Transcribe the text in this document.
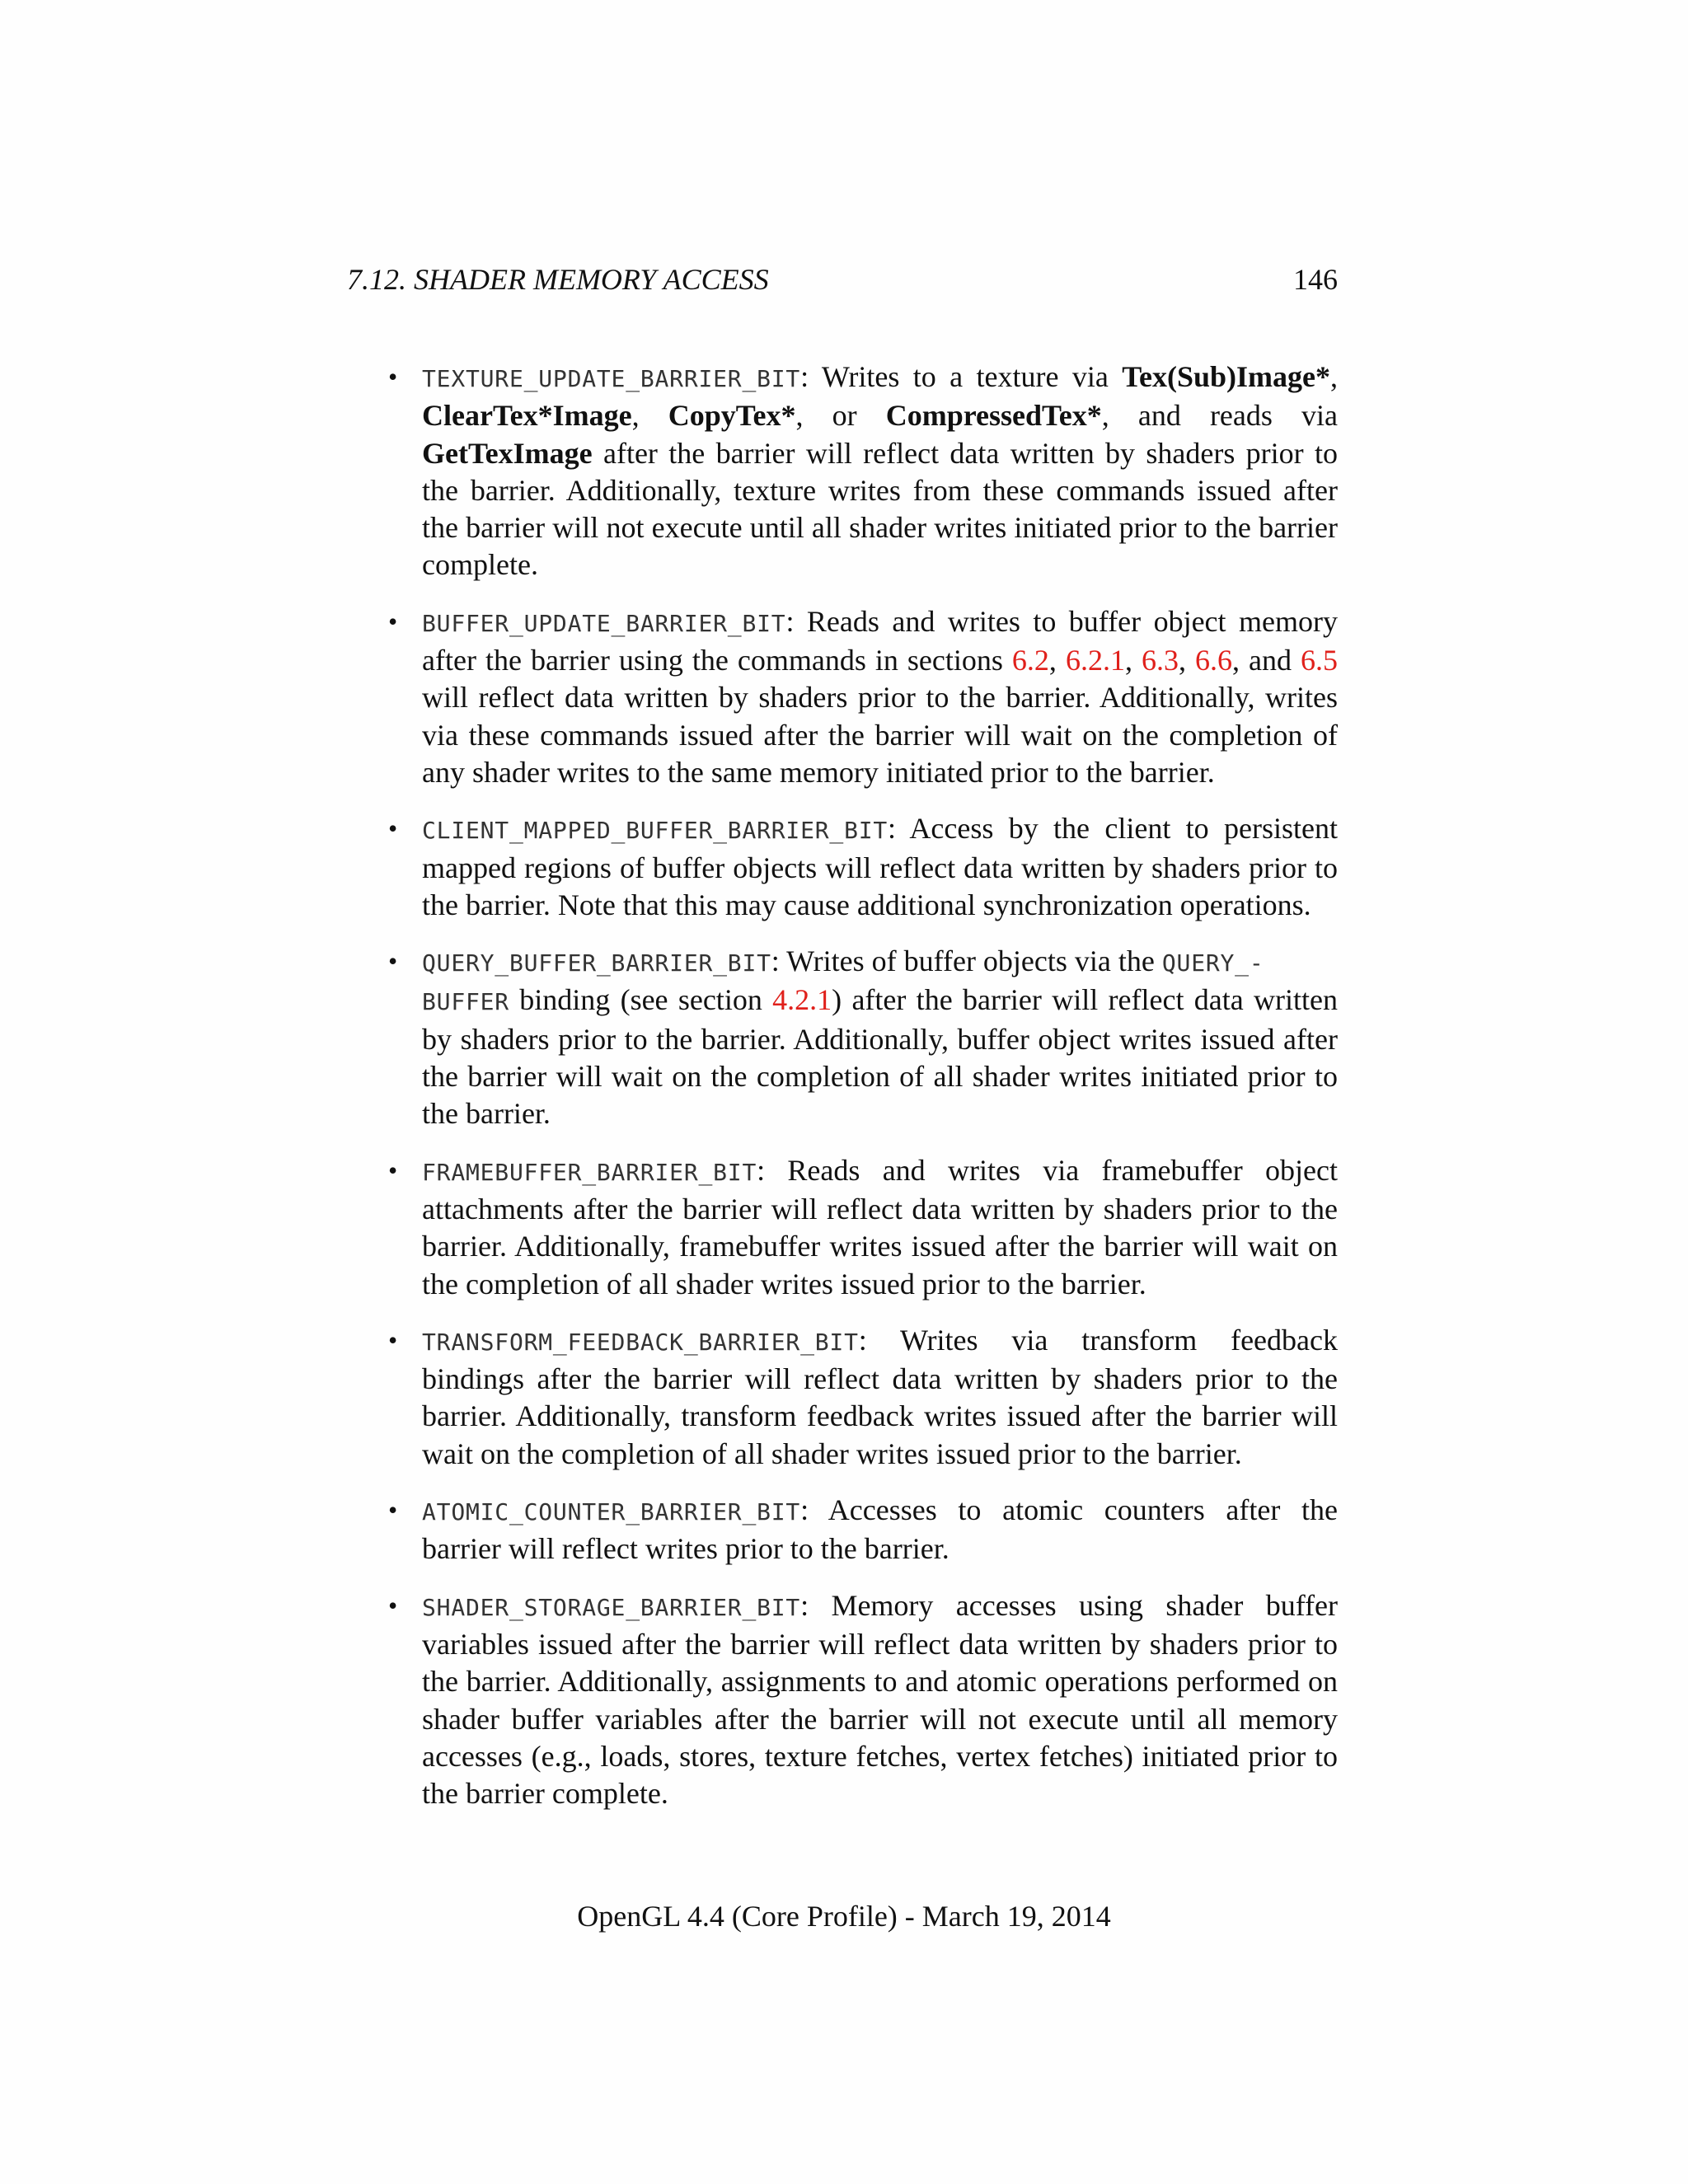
7.12. SHADER MEMORY ACCESS	146
• TEXTURE_UPDATE_BARRIER_BIT: Writes to a texture via Tex(Sub)Image*, ClearTex*Image, CopyTex*, or CompressedTex*, and reads via GetTexImage after the barrier will reflect data written by shaders prior to the barrier. Additionally, texture writes from these commands issued after the barrier will not execute until all shader writes initiated prior to the barrier complete.
• BUFFER_UPDATE_BARRIER_BIT: Reads and writes to buffer object memory after the barrier using the commands in sections 6.2, 6.2.1, 6.3, 6.6, and 6.5 will reflect data written by shaders prior to the barrier. Additionally, writes via these commands issued after the barrier will wait on the completion of any shader writes to the same memory initiated prior to the barrier.
• CLIENT_MAPPED_BUFFER_BARRIER_BIT: Access by the client to persistent mapped regions of buffer objects will reflect data written by shaders prior to the barrier. Note that this may cause additional synchronization operations.
• QUERY_BUFFER_BARRIER_BIT: Writes of buffer objects via the QUERY_-
BUFFER binding (see section 4.2.1) after the barrier will reflect data written by shaders prior to the barrier. Additionally, buffer object writes issued after the barrier will wait on the completion of all shader writes initiated prior to the barrier.
• FRAMEBUFFER_BARRIER_BIT: Reads and writes via framebuffer object attachments after the barrier will reflect data written by shaders prior to the barrier. Additionally, framebuffer writes issued after the barrier will wait on the completion of all shader writes issued prior to the barrier.
• TRANSFORM_FEEDBACK_BARRIER_BIT: Writes via transform feedback bindings after the barrier will reflect data written by shaders prior to the barrier. Additionally, transform feedback writes issued after the barrier will wait on the completion of all shader writes issued prior to the barrier.
• ATOMIC_COUNTER_BARRIER_BIT: Accesses to atomic counters after the barrier will reflect writes prior to the barrier.
• SHADER_STORAGE_BARRIER_BIT: Memory accesses using shader buffer variables issued after the barrier will reflect data written by shaders prior to the barrier. Additionally, assignments to and atomic operations performed on shader buffer variables after the barrier will not execute until all memory accesses (e.g., loads, stores, texture fetches, vertex fetches) initiated prior to the barrier complete.
OpenGL 4.4 (Core Profile) - March 19, 2014
